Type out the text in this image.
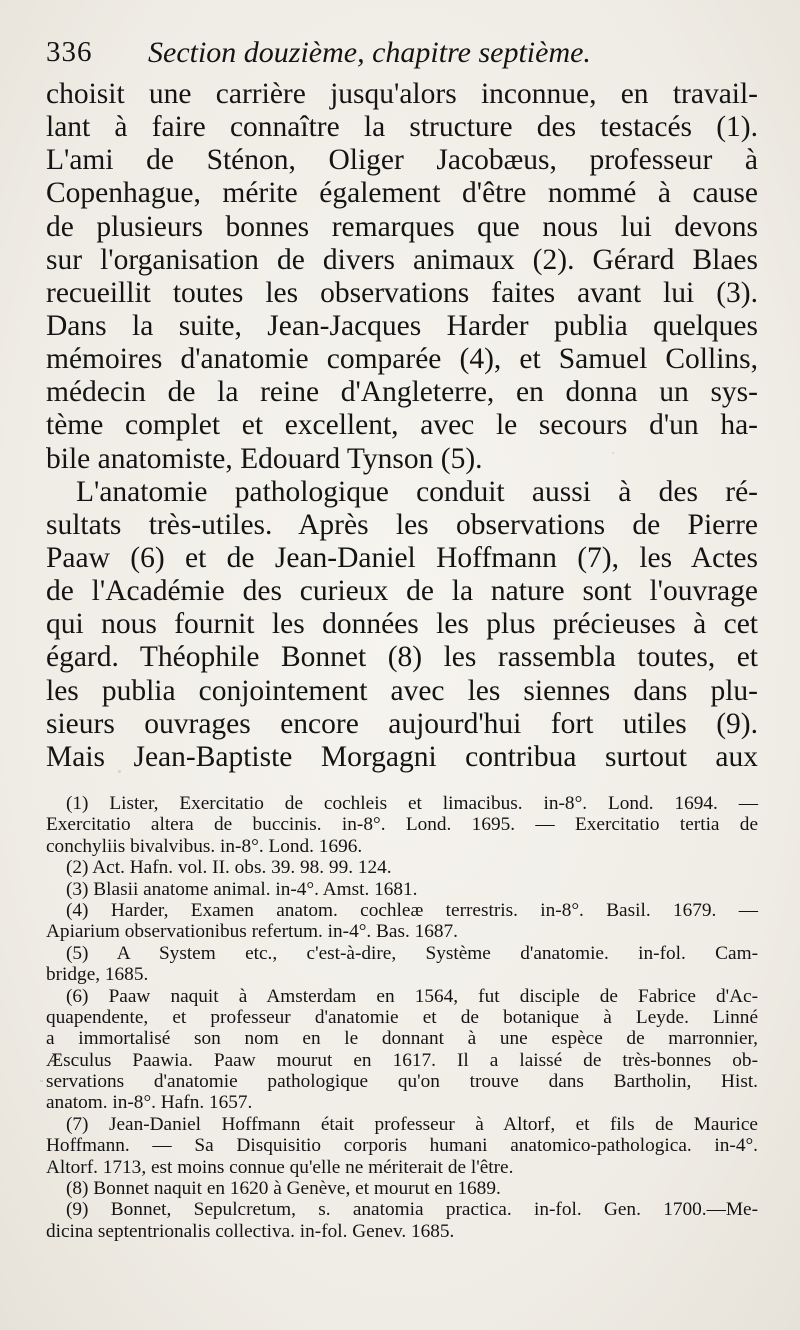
336 Section douzième, chapitre septième.
choisit une carrière jusqu'alors inconnue, en travail-
lant à faire connaître la structure des testacés (1).
L'ami de Sténon, Oliger Jacobæus, professeur à
Copenhague, mérite également d'être nommé à cause
de plusieurs bonnes remarques que nous lui devons
sur l'organisation de divers animaux (2). Gérard Blaes
recueillit toutes les observations faites avant lui (3).
Dans la suite, Jean-Jacques Harder publia quelques
mémoires d'anatomie comparée (4), et Samuel Collins,
médecin de la reine d'Angleterre, en donna un sys-
tème complet et excellent, avec le secours d'un ha-
bile anatomiste, Edouard Tynson (5).
L'anatomie pathologique conduit aussi à des ré-
sultats très-utiles. Après les observations de Pierre
Paaw (6) et de Jean-Daniel Hoffmann (7), les Actes
de l'Académie des curieux de la nature sont l'ouvrage
qui nous fournit les données les plus précieuses à cet
égard. Théophile Bonnet (8) les rassembla toutes, et
les publia conjointement avec les siennes dans plu-
sieurs ouvrages encore aujourd'hui fort utiles (9).
Mais Jean-Baptiste Morgagni contribua surtout aux
(1) Lister, Exercitatio de cochleis et limacibus. in-8°. Lond. 1694. —
Exercitatio altera de buccinis. in-8°. Lond. 1695. — Exercitatio tertia de
conchyliis bivalvibus. in-8°. Lond. 1696.
(2) Act. Hafn. vol. II. obs. 39. 98. 99. 124.
(3) Blasii anatome animal. in-4°. Amst. 1681.
(4) Harder, Examen anatom. cochleæ terrestris. in-8°. Basil. 1679. —
Apiarium observationibus refertum. in-4°. Bas. 1687.
(5) A System etc., c'est-à-dire, Système d'anatomie. in-fol. Cam-
bridge, 1685.
(6) Paaw naquit à Amsterdam en 1564, fut disciple de Fabrice d'Ac-
quapendente, et professeur d'anatomie et de botanique à Leyde. Linné
a immortalisé son nom en le donnant à une espèce de marronnier,
Æsculus Paawia. Paaw mourut en 1617. Il a laissé de très-bonnes ob-
servations d'anatomie pathologique qu'on trouve dans Bartholin, Hist.
anatom. in-8°. Hafn. 1657.
(7) Jean-Daniel Hoffmann était professeur à Altorf, et fils de Maurice
Hoffmann. — Sa Disquisitio corporis humani anatomico-pathologica. in-4°.
Altorf. 1713, est moins connue qu'elle ne mériterait de l'être.
(8) Bonnet naquit en 1620 à Genève, et mourut en 1689.
(9) Bonnet, Sepulcretum, s. anatomia practica. in-fol. Gen. 1700.—Me-
dicina septentrionalis collectiva. in-fol. Genev. 1685.
